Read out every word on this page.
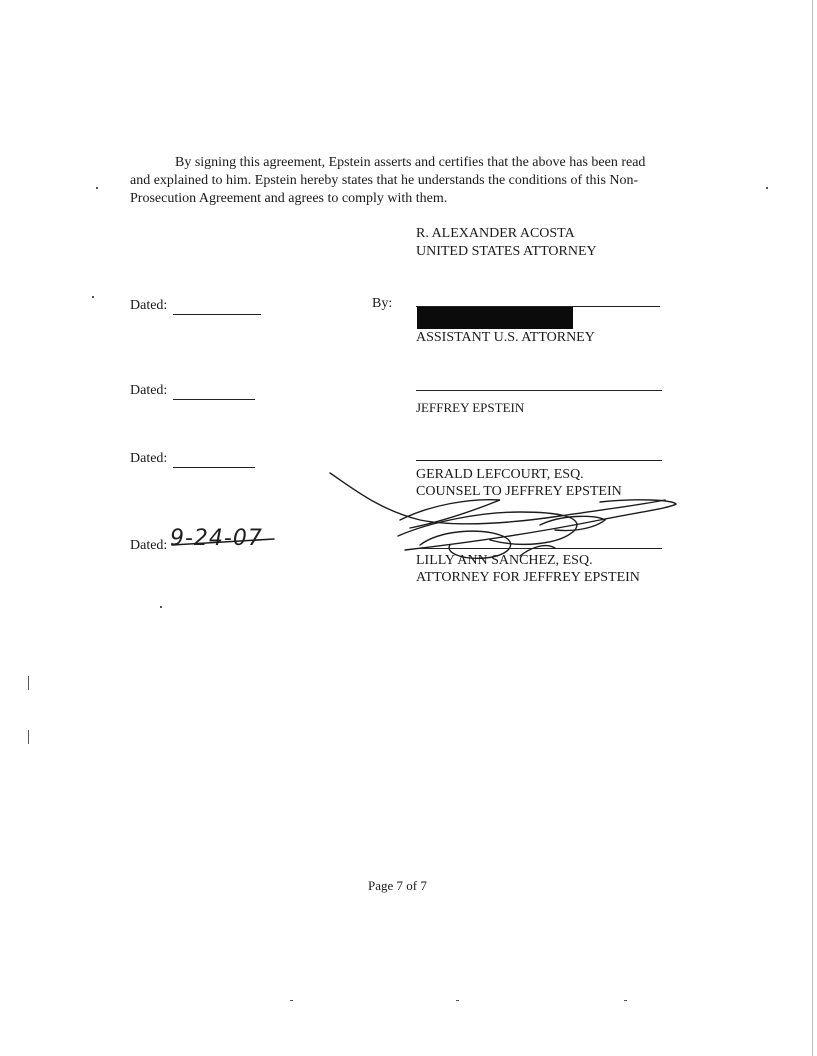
By signing this agreement, Epstein asserts and certifies that the above has been read
and explained to him. Epstein hereby states that he understands the conditions of this Non-Prosecution Agreement and agrees to comply with them.

R. ALEXANDER ACOSTA
UNITED STATES ATTORNEY
Dated:	By:
ASSISTANT U.S. ATTORNEY
Dated:
JEFFREY EPSTEIN
Dated:
GERALD LEFCOURT, ESQ.
COUNSEL TO JEFFREY EPSTEIN
Dated: 9-24-07
LILLY ANN SANCHEZ, ESQ.
ATTORNEY FOR JEFFREY EPSTEIN
Page 7 of 7
